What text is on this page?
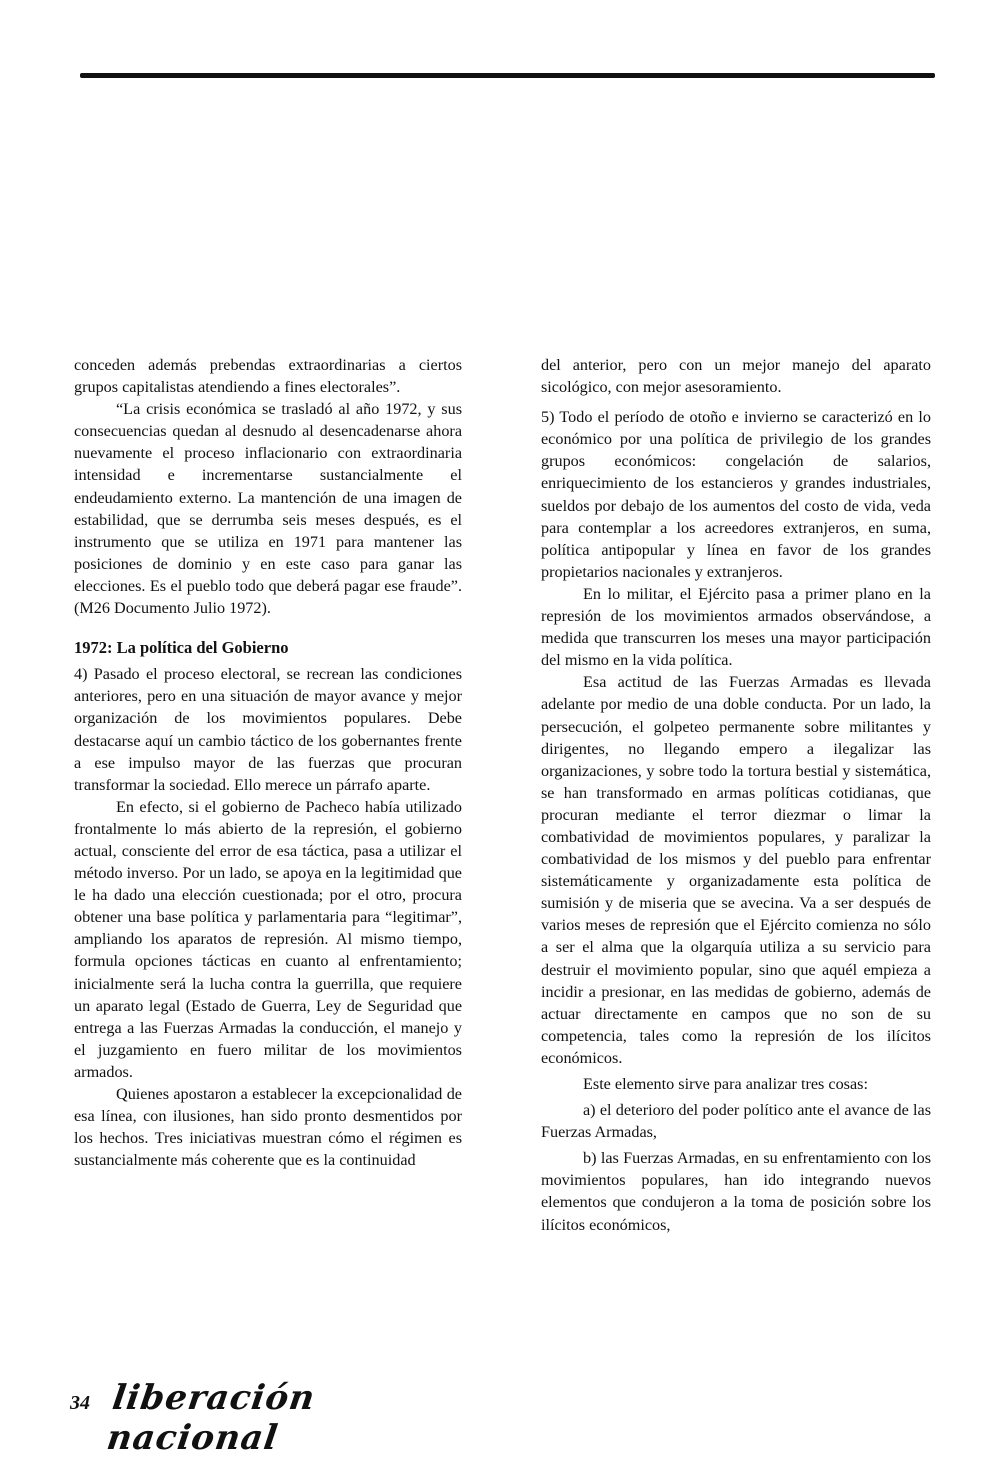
conceden además prebendas extraordinarias a ciertos grupos capitalistas atendiendo a fines electorales”.

“La crisis económica se trasladó al año 1972, y sus consecuencias quedan al desnudo al desencadenarse ahora nuevamente el proceso inflacionario con extraordinaria intensidad e incrementarse sustancialmente el endeudamiento externo. La mantención de una imagen de estabilidad, que se derrumba seis meses después, es el instrumento que se utiliza en 1971 para mantener las posiciones de dominio y en este caso para ganar las elecciones. Es el pueblo todo que deberá pagar ese fraude”. (M26 Documento Julio 1972).

1972: La política del Gobierno

4) Pasado el proceso electoral, se recrean las condiciones anteriores, pero en una situación de mayor avance y mejor organización de los movimientos populares. Debe destacarse aquí un cambio táctico de los gobernantes frente a ese impulso mayor de las fuerzas que procuran transformar la sociedad. Ello merece un párrafo aparte.

En efecto, si el gobierno de Pacheco había utilizado frontalmente lo más abierto de la represión, el gobierno actual, consciente del error de esa táctica, pasa a utilizar el método inverso. Por un lado, se apoya en la legitimidad que le ha dado una elección cuestionada; por el otro, procura obtener una base política y parlamentaria para “legitimar”, ampliando los aparatos de represión. Al mismo tiempo, formula opciones tácticas en cuanto al enfrentamiento; inicialmente será la lucha contra la guerrilla, que requiere un aparato legal (Estado de Guerra, Ley de Seguridad que entrega a las Fuerzas Armadas la conducción, el manejo y el juzgamiento en fuero militar de los movimientos armados.

Quienes apostaron a establecer la excepcionalidad de esa línea, con ilusiones, han sido pronto desmentidos por los hechos. Tres iniciativas muestran cómo el régimen es sustancialmente más coherente que es la continuidad

del anterior, pero con un mejor manejo del aparato sicológico, con mejor asesoramiento.

5) Todo el período de otoño e invierno se caracterizó en lo económico por una política de privilegio de los grandes grupos económicos: congelación de salarios, enriquecimiento de los estancieros y grandes industriales, sueldos por debajo de los aumentos del costo de vida, veda para contemplar a los acreedores extranjeros, en suma, política antipopular y línea en favor de los grandes propietarios nacionales y extranjeros.

En lo militar, el Ejército pasa a primer plano en la represión de los movimientos armados observándose, a medida que transcurren los meses una mayor participación del mismo en la vida política.

Esa actitud de las Fuerzas Armadas es llevada adelante por medio de una doble conducta. Por un lado, la persecución, el golpeteo permanente sobre militantes y dirigentes, no llegando empero a ilegalizar las organizaciones, y sobre todo la tortura bestial y sistemática, se han transformado en armas políticas cotidianas, que procuran mediante el terror diezmar o limar la combatividad de movimientos populares, y paralizar la combatividad de los mismos y del pueblo para enfrentar sistemáticamente y organizadamente esta política de sumisión y de miseria que se avecina. Va a ser después de varios meses de represión que el Ejército comienza no sólo a ser el alma que la olgarquía utiliza a su servicio para destruir el movimiento popular, sino que aquél empieza a incidir a presionar, en las medidas de gobierno, además de actuar directamente en campos que no son de su competencia, tales como la represión de los ilícitos económicos.

Este elemento sirve para analizar tres cosas:

a) el deterioro del poder político ante el avance de las Fuerzas Armadas,

b) las Fuerzas Armadas, en su enfrentamiento con los movimientos populares, han ido integrando nuevos elementos que condujeron a la toma de posición sobre los ilícitos económicos,

34 liberación nacional
